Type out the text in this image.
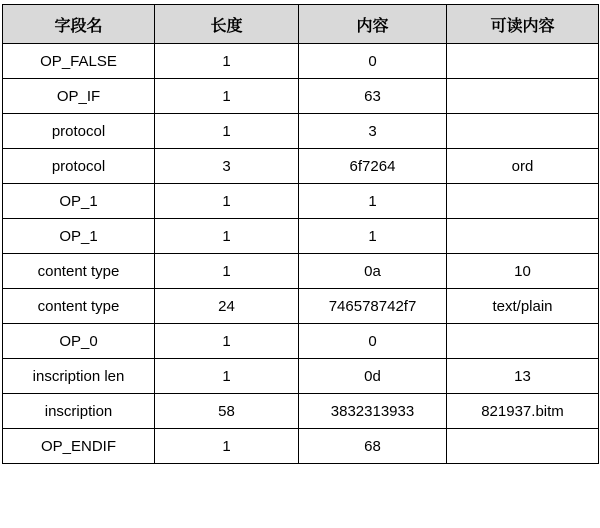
字段名	长度	内容	可读内容
OP_FALSE	1	0	
OP_IF	1	63	
protocol	1	3	
protocol	3	6f7264	ord
OP_1	1	1	
OP_1	1	1	
content type	1	0a	10
content type	24	746578742f7	text/plain
OP_0	1	0	
inscription len	1	0d	13
inscription	58	3832313933	821937.bitm
OP_ENDIF	1	68	
